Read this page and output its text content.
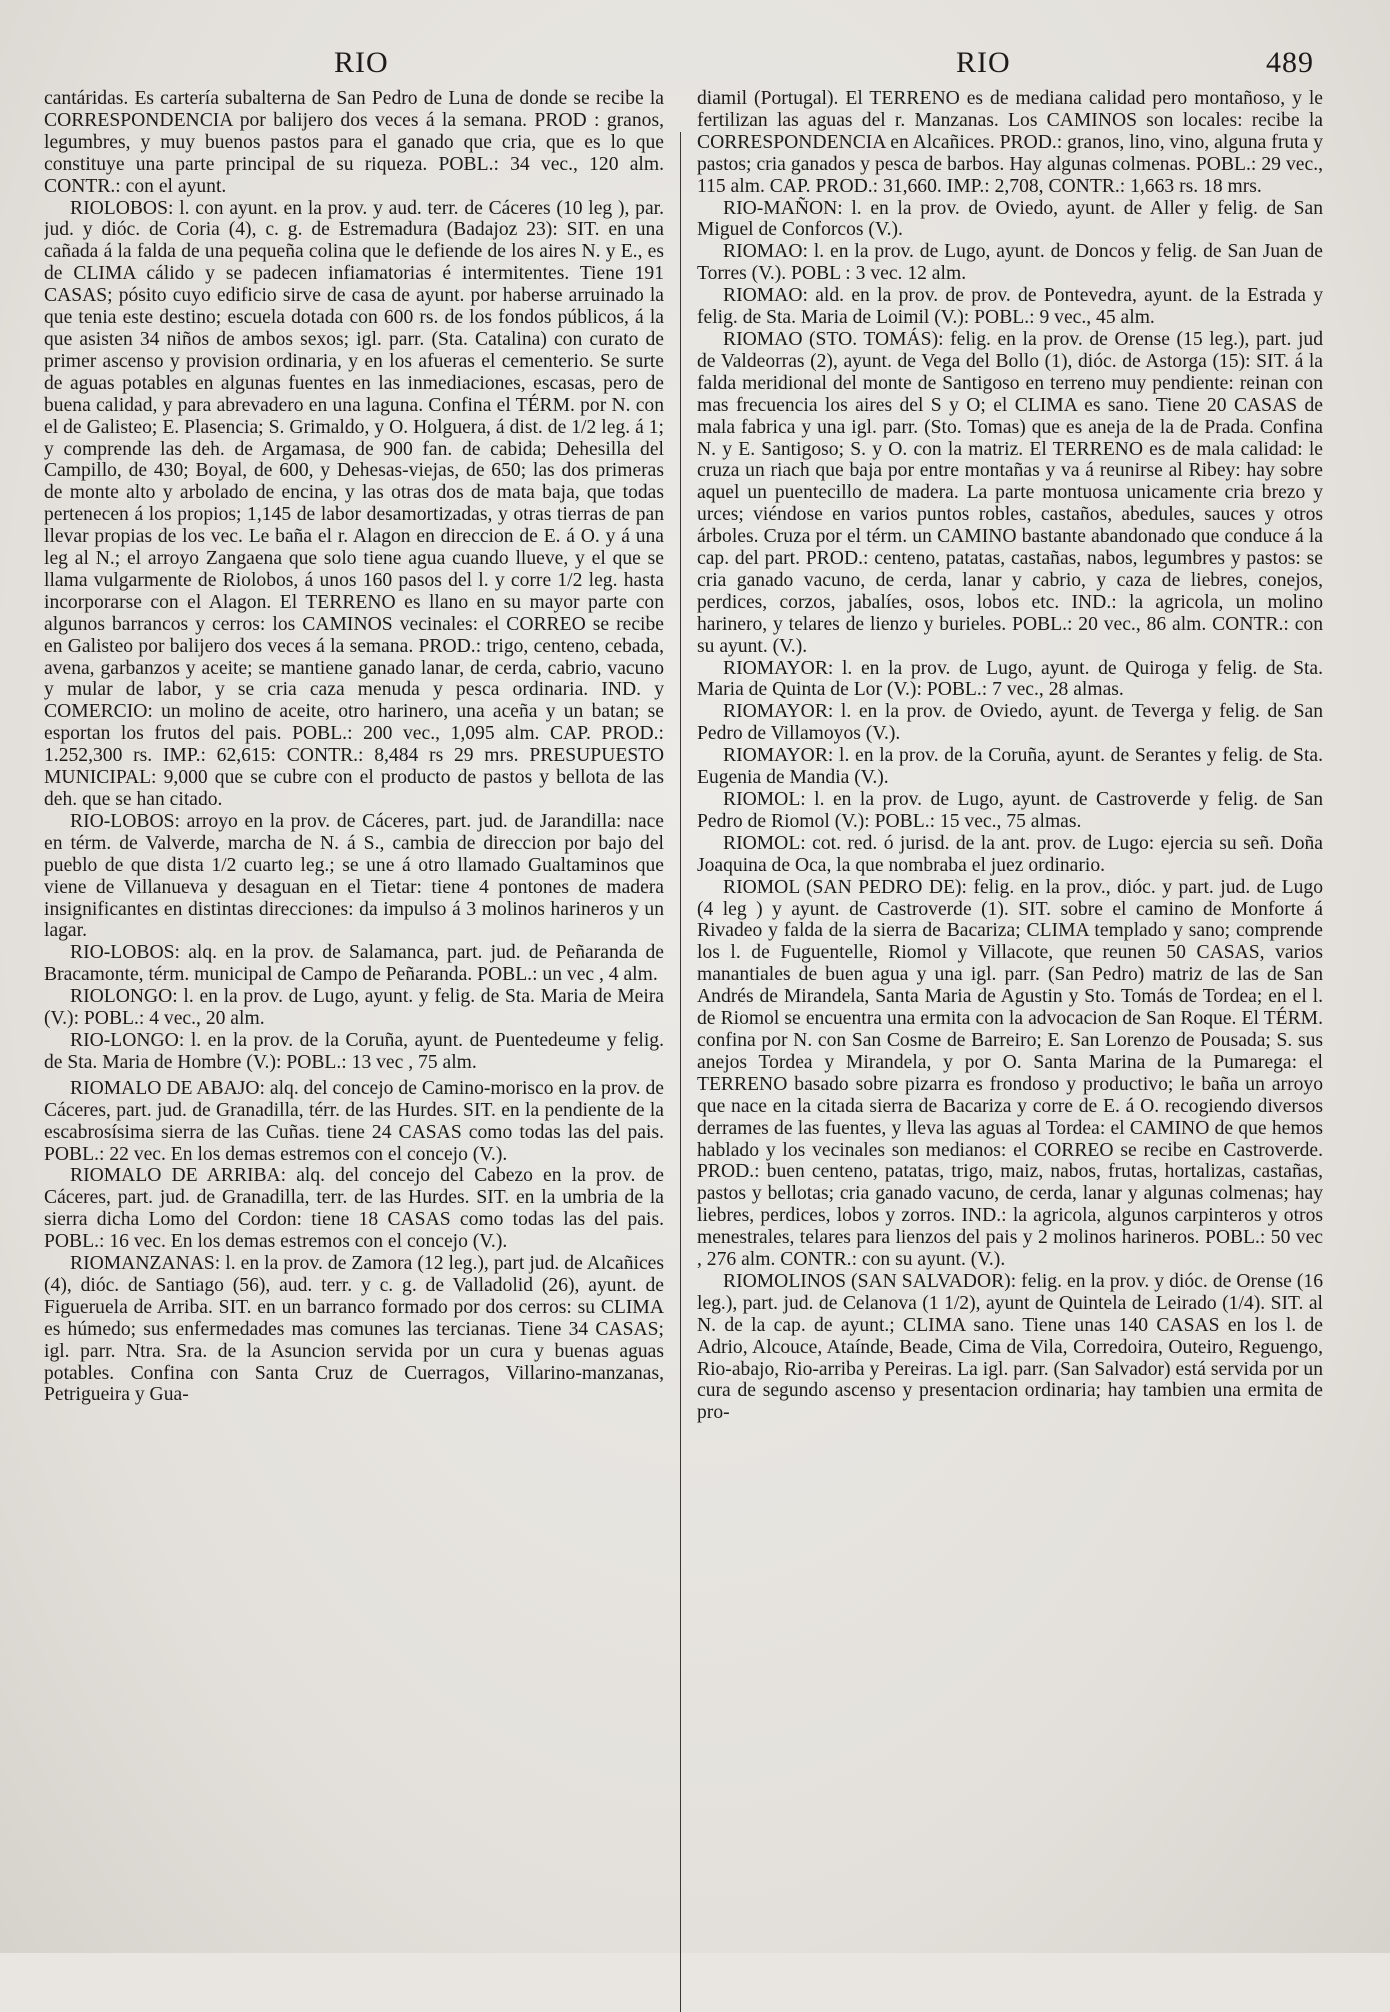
RIO	RIO	489

cantáridas. Es cartería subalterna de San Pedro de Luna de donde se recibe la CORRESPONDENCIA por balijero dos veces á la semana. PROD : granos, legumbres, y muy buenos pastos para el ganado que cria, que es lo que constituye una parte principal de su riqueza. POBL.: 34 vec., 120 alm. CONTR.: con el ayunt.

RIOLOBOS: l. con ayunt. en la prov. y aud. terr. de Cáceres (10 leg ), par. jud. y dióc. de Coria (4), c. g. de Estremadura (Badajoz 23): SIT. en una cañada á la falda de una pequeña colina que le defiende de los aires N. y E., es de CLIMA cálido y se padecen infiamatorias é intermitentes. Tiene 191 CASAS; pósito cuyo edificio sirve de casa de ayunt. por haberse arruinado la que tenia este destino; escuela dotada con 600 rs. de los fondos públicos, á la que asisten 34 niños de ambos sexos; igl. parr. (Sta. Catalina) con curato de primer ascenso y provision ordinaria, y en los afueras el cementerio. Se surte de aguas potables en algunas fuentes en las inmediaciones, escasas, pero de buena calidad, y para abrevadero en una laguna. Confina el TÉRM. por N. con el de Galisteo; E. Plasencia; S. Grimaldo, y O. Holguera, á dist. de 1/2 leg. á 1; y comprende las deh. de Argamasa, de 900 fan. de cabida; Dehesilla del Campillo, de 430; Boyal, de 600, y Dehesas-viejas, de 650; las dos primeras de monte alto y arbolado de encina, y las otras dos de mata baja, que todas pertenecen á los propios; 1,145 de labor desamortizadas, y otras tierras de pan llevar propias de los vec. Le baña el r. Alagon en direccion de E. á O. y á una leg al N.; el arroyo Zangaena que solo tiene agua cuando llueve, y el que se llama vulgarmente de Riolobos, á unos 160 pasos del l. y corre 1/2 leg. hasta incorporarse con el Alagon. El TERRENO es llano en su mayor parte con algunos barrancos y cerros: los CAMINOS vecinales: el CORREO se recibe en Galisteo por balijero dos veces á la semana. PROD.: trigo, centeno, cebada, avena, garbanzos y aceite; se mantiene ganado lanar, de cerda, cabrio, vacuno y mular de labor, y se cria caza menuda y pesca ordinaria. IND. y COMERCIO: un molino de aceite, otro harinero, una aceña y un batan; se esportan los frutos del pais. POBL.: 200 vec., 1,095 alm. CAP. PROD.: 1.252,300 rs. IMP.: 62,615: CONTR.: 8,484 rs 29 mrs. PRESUPUESTO MUNICIPAL: 9,000 que se cubre con el producto de pastos y bellota de las deh. que se han citado.

RIO-LOBOS: arroyo en la prov. de Cáceres, part. jud. de Jarandilla: nace en térm. de Valverde, marcha de N. á S., cambia de direccion por bajo del pueblo de que dista 1/2 cuarto leg.; se une á otro llamado Gualtaminos que viene de Villanueva y desaguan en el Tietar: tiene 4 pontones de madera insignificantes en distintas direcciones: da impulso á 3 molinos harineros y un lagar.

RIO-LOBOS: alq. en la prov. de Salamanca, part. jud. de Peñaranda de Bracamonte, térm. municipal de Campo de Peñaranda. POBL.: un vec , 4 alm.

RIOLONGO: l. en la prov. de Lugo, ayunt. y felig. de Sta. Maria de Meira (V.): POBL.: 4 vec., 20 alm.

RIO-LONGO: l. en la prov. de la Coruña, ayunt. de Puentedeume y felig. de Sta. Maria de Hombre (V.): POBL.: 13 vec , 75 alm.

RIOMALO DE ABAJO: alq. del concejo de Camino-morisco en la prov. de Cáceres, part. jud. de Granadilla, térr. de las Hurdes. SIT. en la pendiente de la escabrosísima sierra de las Cuñas. tiene 24 CASAS como todas las del pais. POBL.: 22 vec. En los demas estremos con el concejo (V.).

RIOMALO DE ARRIBA: alq. del concejo del Cabezo en la prov. de Cáceres, part. jud. de Granadilla, terr. de las Hurdes. SIT. en la umbria de la sierra dicha Lomo del Cordon: tiene 18 CASAS como todas las del pais. POBL.: 16 vec. En los demas estremos con el concejo (V.).

RIOMANZANAS: l. en la prov. de Zamora (12 leg.), part jud. de Alcañices (4), dióc. de Santiago (56), aud. terr. y c. g. de Valladolid (26), ayunt. de Figueruela de Arriba. SIT. en un barranco formado por dos cerros: su CLIMA es húmedo; sus enfermedades mas comunes las tercianas. Tiene 34 CASAS; igl. parr. Ntra. Sra. de la Asuncion servida por un cura y buenas aguas potables. Confina con Santa Cruz de Cuerragos, Villarino-manzanas, Petrigueira y Gua-

diamil (Portugal). El TERRENO es de mediana calidad pero montañoso, y le fertilizan las aguas del r. Manzanas. Los CAMINOS son locales: recibe la CORRESPONDENCIA en Alcañices. PROD.: granos, lino, vino, alguna fruta y pastos; cria ganados y pesca de barbos. Hay algunas colmenas. POBL.: 29 vec., 115 alm. CAP. PROD.: 31,660. IMP.: 2,708, CONTR.: 1,663 rs. 18 mrs.

RIO-MAÑON: l. en la prov. de Oviedo, ayunt. de Aller y felig. de San Miguel de Conforcos (V.).

RIOMAO: l. en la prov. de Lugo, ayunt. de Doncos y felig. de San Juan de Torres (V.). POBL : 3 vec. 12 alm.

RIOMAO: ald. en la prov. de prov. de Pontevedra, ayunt. de la Estrada y felig. de Sta. Maria de Loimil (V.): POBL.: 9 vec., 45 alm.

RIOMAO (STO. TOMÁS): felig. en la prov. de Orense (15 leg.), part. jud de Valdeorras (2), ayunt. de Vega del Bollo (1), dióc. de Astorga (15): SIT. á la falda meridional del monte de Santigoso en terreno muy pendiente: reinan con mas frecuencia los aires del S y O; el CLIMA es sano. Tiene 20 CASAS de mala fabrica y una igl. parr. (Sto. Tomas) que es aneja de la de Prada. Confina N. y E. Santigoso; S. y O. con la matriz. El TERRENO es de mala calidad: le cruza un riach que baja por entre montañas y va á reunirse al Ribey: hay sobre aquel un puentecillo de madera. La parte montuosa unicamente cria brezo y urces; viéndose en varios puntos robles, castaños, abedules, sauces y otros árboles. Cruza por el térm. un CAMINO bastante abandonado que conduce á la cap. del part. PROD.: centeno, patatas, castañas, nabos, legumbres y pastos: se cria ganado vacuno, de cerda, lanar y cabrio, y caza de liebres, conejos, perdices, corzos, jabalíes, osos, lobos etc. IND.: la agricola, un molino harinero, y telares de lienzo y burieles. POBL.: 20 vec., 86 alm. CONTR.: con su ayunt. (V.).

RIOMAYOR: l. en la prov. de Lugo, ayunt. de Quiroga y felig. de Sta. Maria de Quinta de Lor (V.): POBL.: 7 vec., 28 almas.

RIOMAYOR: l. en la prov. de Oviedo, ayunt. de Teverga y felig. de San Pedro de Villamoyos (V.).

RIOMAYOR: l. en la prov. de la Coruña, ayunt. de Serantes y felig. de Sta. Eugenia de Mandia (V.).

RIOMOL: l. en la prov. de Lugo, ayunt. de Castroverde y felig. de San Pedro de Riomol (V.): POBL.: 15 vec., 75 almas.

RIOMOL: cot. red. ó jurisd. de la ant. prov. de Lugo: ejercia su señ. Doña Joaquina de Oca, la que nombraba el juez ordinario.

RIOMOL (SAN PEDRO DE): felig. en la prov., dióc. y part. jud. de Lugo (4 leg ) y ayunt. de Castroverde (1). SIT. sobre el camino de Monforte á Rivadeo y falda de la sierra de Bacariza; CLIMA templado y sano; comprende los l. de Fuguentelle, Riomol y Villacote, que reunen 50 CASAS, varios manantiales de buen agua y una igl. parr. (San Pedro) matriz de las de San Andrés de Mirandela, Santa Maria de Agustin y Sto. Tomás de Tordea; en el l. de Riomol se encuentra una ermita con la advocacion de San Roque. El TÉRM. confina por N. con San Cosme de Barreiro; E. San Lorenzo de Pousada; S. sus anejos Tordea y Mirandela, y por O. Santa Marina de la Pumarega: el TERRENO basado sobre pizarra es frondoso y productivo; le baña un arroyo que nace en la citada sierra de Bacariza y corre de E. á O. recogiendo diversos derrames de las fuentes, y lleva las aguas al Tordea: el CAMINO de que hemos hablado y los vecinales son medianos: el CORREO se recibe en Castroverde. PROD.: buen centeno, patatas, trigo, maiz, nabos, frutas, hortalizas, castañas, pastos y bellotas; cria ganado vacuno, de cerda, lanar y algunas colmenas; hay liebres, perdices, lobos y zorros. IND.: la agricola, algunos carpinteros y otros menestrales, telares para lienzos del pais y 2 molinos harineros. POBL.: 50 vec , 276 alm. CONTR.: con su ayunt. (V.).

RIOMOLINOS (SAN SALVADOR): felig. en la prov. y dióc. de Orense (16 leg.), part. jud. de Celanova (1 1/2), ayunt de Quintela de Leirado (1/4). SIT. al N. de la cap. de ayunt.; CLIMA sano. Tiene unas 140 CASAS en los l. de Adrio, Alcouce, Ataínde, Beade, Cima de Vila, Corredoira, Outeiro, Reguengo, Rio-abajo, Rio-arriba y Pereiras. La igl. parr. (San Salvador) está servida por un cura de segundo ascenso y presentacion ordinaria; hay tambien una ermita de pro-
